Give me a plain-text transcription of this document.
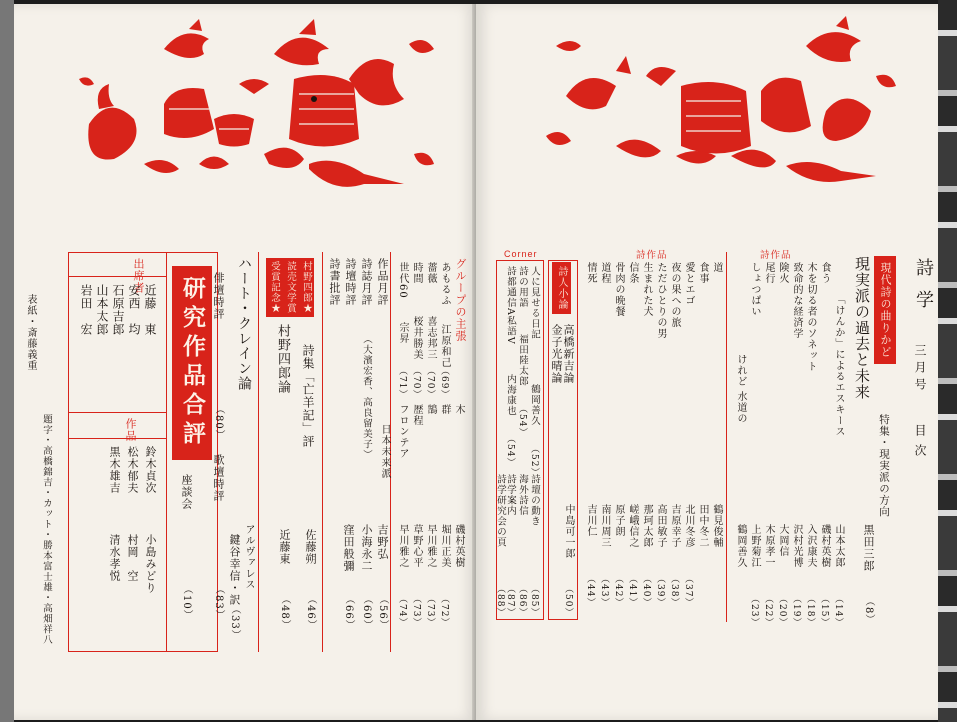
表紙・斎藤義重
題字・高橋錦吉・カット・勝本富士雄・高畑祥八
出席者
近藤　東
安西　均
石原吉郎
山本太郎
岩田　宏
作品
鈴木貞次
小島みどり
松木郁夫
村岡　空
黒木雄吉
清水孝悦
研究作品合評
座談会
（10）
俳壇時評
（80）
歌壇時評
（83）
ハート・クレイン論
アルヴァレス
鍵谷幸信・訳
（33）
村野四郎★
読売文学賞
受賞記念★
詩集「亡羊記」評
村野四郎論
佐藤朔
（46）
近藤東
（48）
作品月評
詩誌月評
詩壇時評
詩書批評
（大濱宏香、高良留美子）
吉野弘
（56）
小海永二
（60）
窪田般彌
（66）
グループの主張
あもるふ
江原和己
（69）
薔薇
喜志邦三
（70）
時間
桜井勝美
（70）
世代60
宗昇
（71）
日本未来派
群
堀川正美
（72）
鵠
早川雅之
（73）
歴程
草野心平
（73）
フロンテア
早川雅之
（74）
木
磯村英樹
詩学
三月号
目次
現代詩の曲りかど
特集・現実派の方向
現実派の過去と未来
黒田三郎
（8）
「けんか」によるエスキース
山本太郎
（14）
食う
磯村英樹
（15）
木を切る者のソネット
入沢康夫
（18）
致命的な経済学
沢村光博
（19）
険火
大岡信
（20）
尾行
木原孝一
（22）
しょつぱい
上野菊江
（23）
けれど 水道の
鶴岡善久
詩作品
道
鶴見俊輔
食事
田中冬二
愛とエゴ
北川冬彦
（37）
夜の果への旅
吉原幸子
（38）
ただひとりの男
高田敏子
（39）
生まれた犬
那珂太郎
（40）
信条
嵯峨信之
（41）
骨肉の晩餐
原子朗
（42）
詩作品
道程
南川周三
（43）
情死
吉川仁
（44）
詩人小論
高橋新吉論
金子光晴論
中島可一郎
（50）
Corner
人に見せる日記
鶴岡善久
（52）
詩の用語
福田陸太郎
（54）
詩都通信A私語V
内海康也
（54）
詩壇の動き
（85）
海外詩信
（86）
詩学案内
（87）
詩学研究会の頁
（88）
